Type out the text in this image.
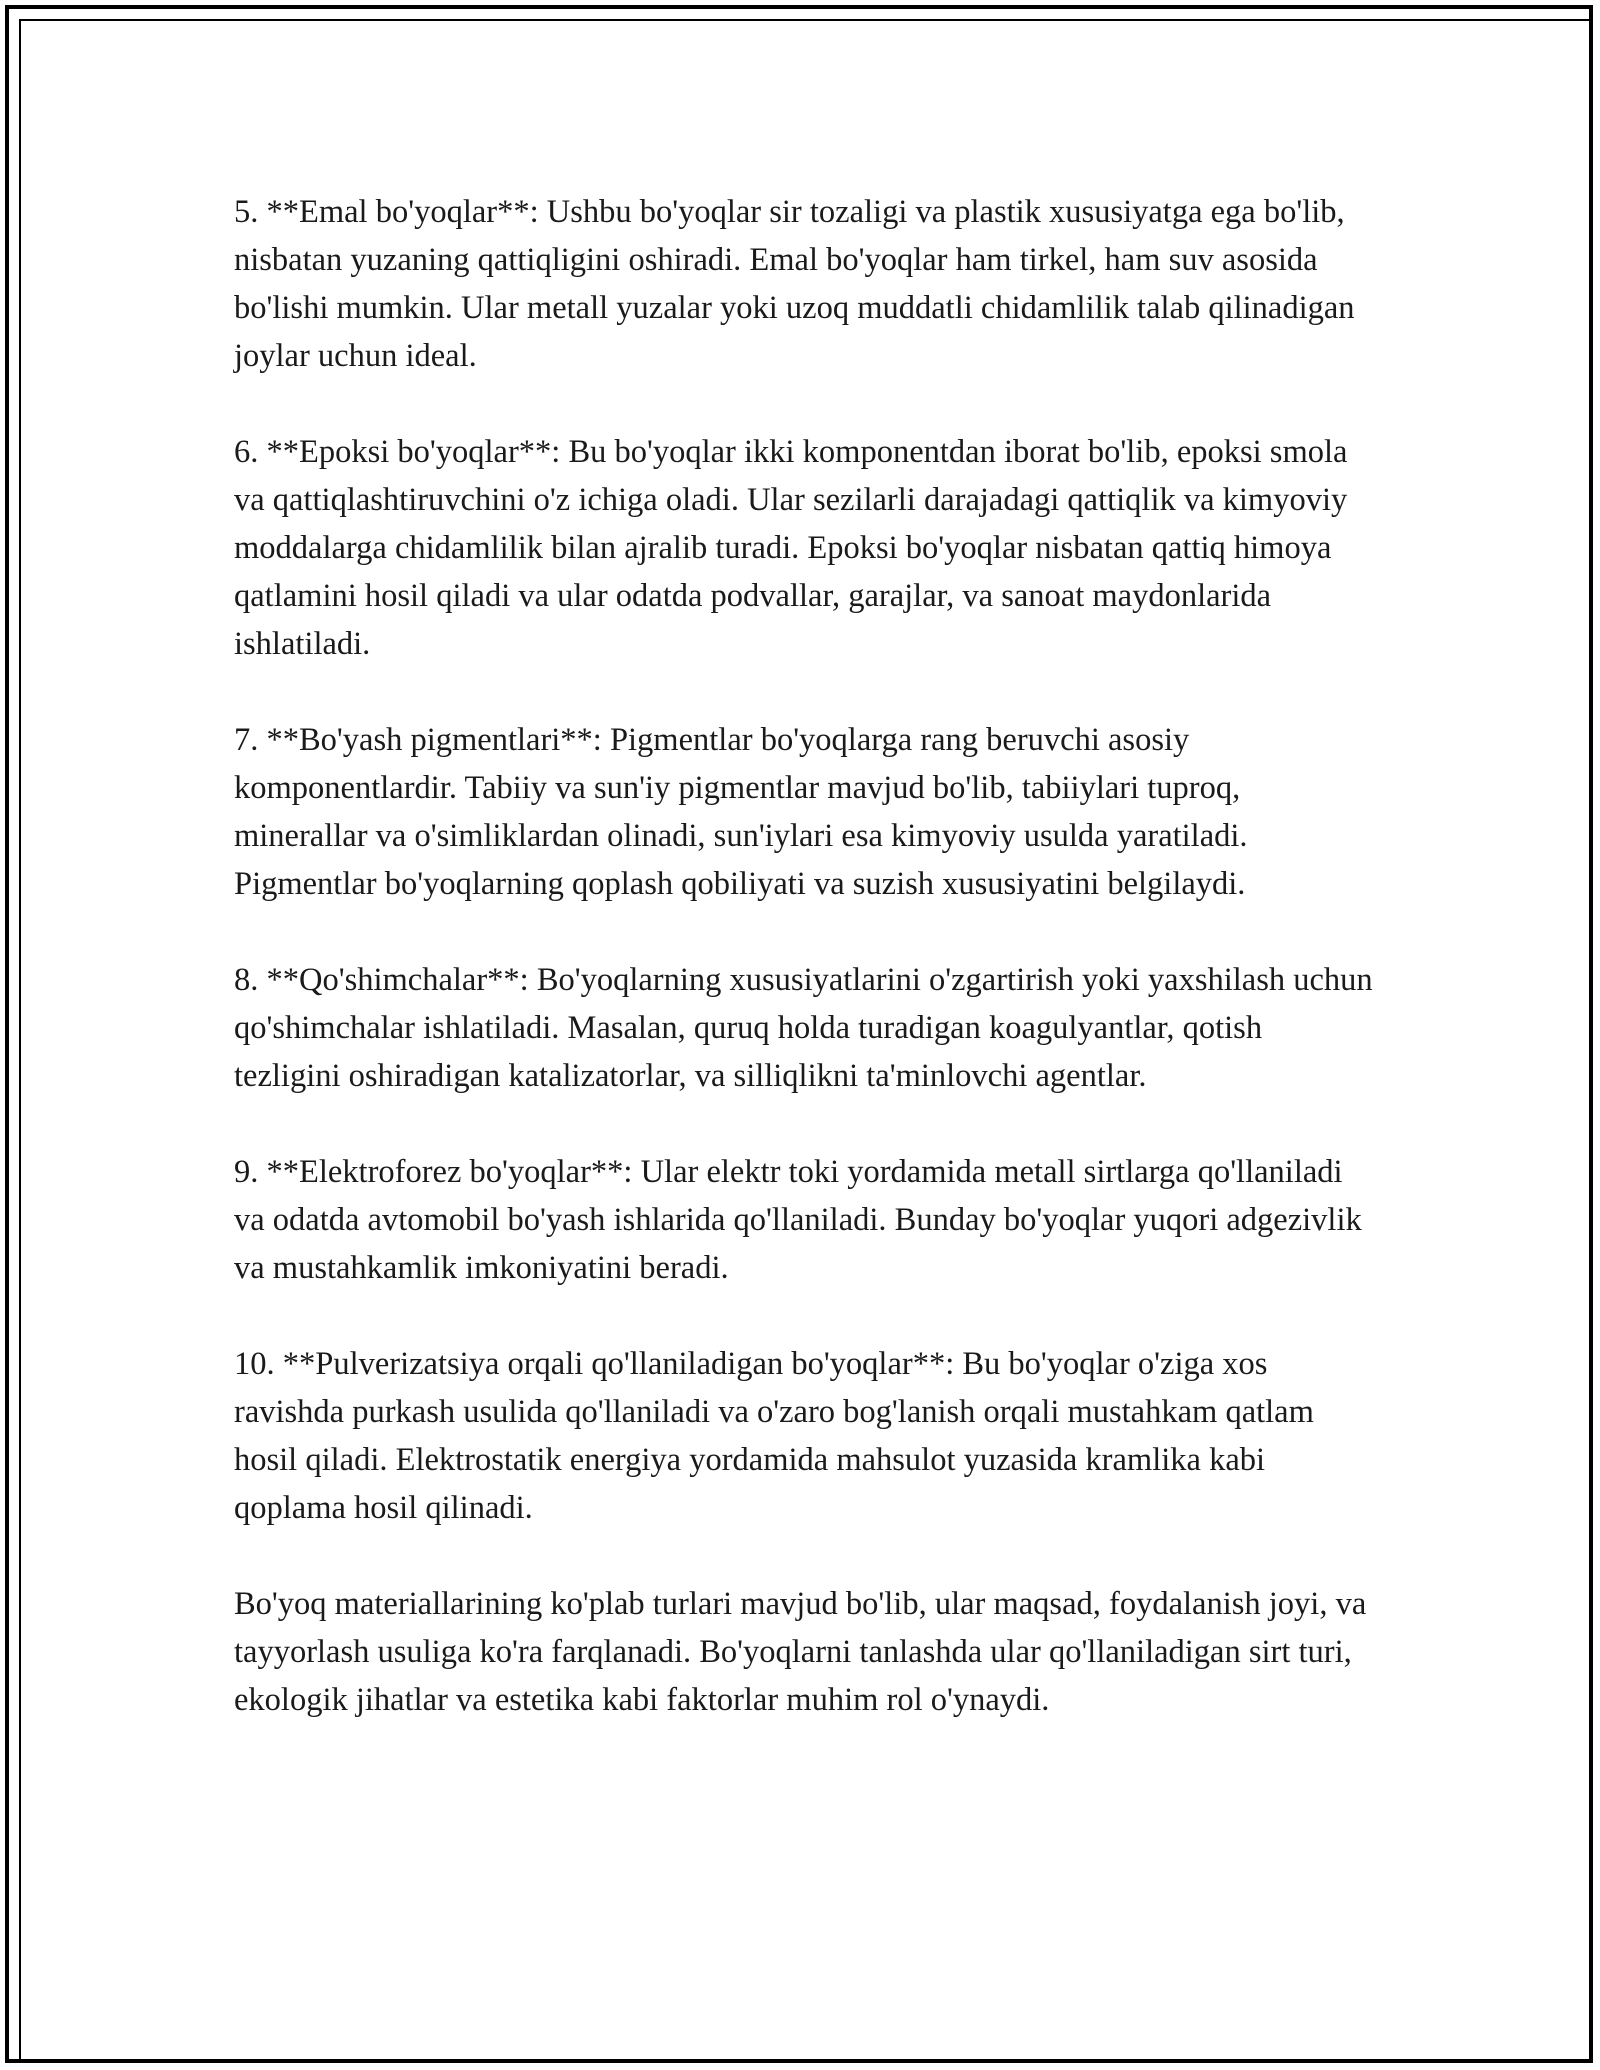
5. **Emal bo'yoqlar**: Ushbu bo'yoqlar sir tozaligi va plastik xususiyatga ega bo'lib, nisbatan yuzaning qattiqligini oshiradi. Emal bo'yoqlar ham tirkel, ham suv asosida bo'lishi mumkin. Ular metall yuzalar yoki uzoq muddatli chidamlilik talab qilinadigan joylar uchun ideal.

6. **Epoksi bo'yoqlar**: Bu bo'yoqlar ikki komponentdan iborat bo'lib, epoksi smola va qattiqlashtiruvchini o'z ichiga oladi. Ular sezilarli darajadagi qattiqlik va kimyoviy moddalarga chidamlilik bilan ajralib turadi. Epoksi bo'yoqlar nisbatan qattiq himoya qatlamini hosil qiladi va ular odatda podvallar, garajlar, va sanoat maydonlarida ishlatiladi.

7. **Bo'yash pigmentlari**: Pigmentlar bo'yoqlarga rang beruvchi asosiy komponentlardir. Tabiiy va sun'iy pigmentlar mavjud bo'lib, tabiiylari tuproq, minerallar va o'simliklardan olinadi, sun'iylari esa kimyoviy usulda yaratiladi. Pigmentlar bo'yoqlarning qoplash qobiliyati va suzish xususiyatini belgilaydi.

8. **Qo'shimchalar**: Bo'yoqlarning xususiyatlarini o'zgartirish yoki yaxshilash uchun qo'shimchalar ishlatiladi. Masalan, quruq holda turadigan koagulyantlar, qotish tezligini oshiradigan katalizatorlar, va silliqlikni ta'minlovchi agentlar.

9. **Elektroforez bo'yoqlar**: Ular elektr toki yordamida metall sirtlarga qo'llaniladi va odatda avtomobil bo'yash ishlarida qo'llaniladi. Bunday bo'yoqlar yuqori adgezivlik va mustahkamlik imkoniyatini beradi.

10. **Pulverizatsiya orqali qo'llaniladigan bo'yoqlar**: Bu bo'yoqlar o'ziga xos ravishda purkash usulida qo'llaniladi va o'zaro bog'lanish orqali mustahkam qatlam hosil qiladi. Elektrostatik energiya yordamida mahsulot yuzasida kramlika kabi qoplama hosil qilinadi.

Bo'yoq materiallarining ko'plab turlari mavjud bo'lib, ular maqsad, foydalanish joyi, va tayyorlash usuliga ko'ra farqlanadi. Bo'yoqlarni tanlashda ular qo'llaniladigan sirt turi, ekologik jihatlar va estetika kabi faktorlar muhim rol o'ynaydi.
